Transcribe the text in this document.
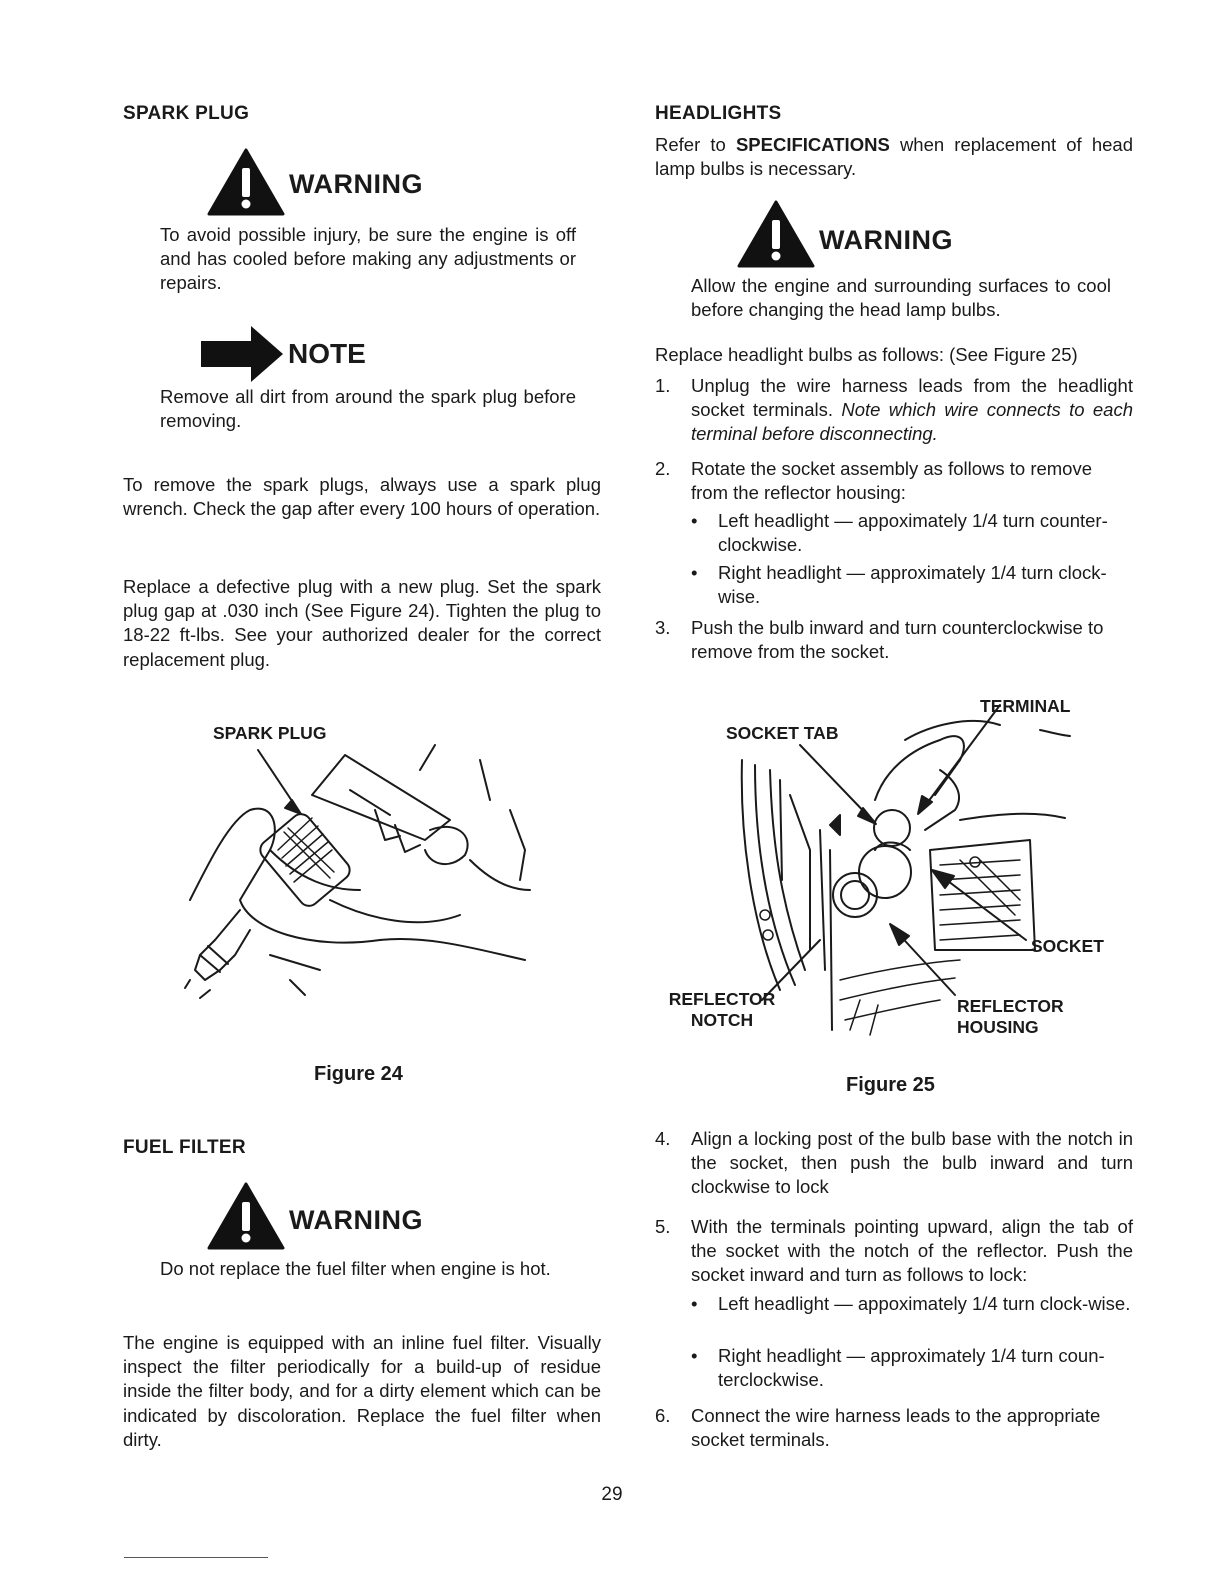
SPARK PLUG
WARNING
To avoid possible injury, be sure the engine is off and has cooled before making any adjustments or repairs.
NOTE
Remove all dirt from around the spark plug before removing.
To remove the spark plugs, always use a spark plug wrench. Check the gap after every 100 hours of operation.
Replace a defective plug with a new plug. Set the spark plug gap at .030 inch (See Figure 24). Tighten the plug to 18-22 ft-lbs. See your authorized dealer for the correct replacement plug.
SPARK PLUG
Figure 24
FUEL FILTER
WARNING
Do not replace the fuel filter when engine is hot.
The engine is equipped with an inline fuel filter. Visually inspect the filter periodically for a build-up of residue inside the filter body, and for a dirty element which can be indicated by discoloration. Replace the fuel filter when dirty.
HEADLIGHTS
Refer to SPECIFICATIONS when replacement of head lamp bulbs is necessary.
WARNING
Allow the engine and surrounding surfaces to cool before changing the head lamp bulbs.
Replace headlight bulbs as follows: (See Figure 25)
1. Unplug the wire harness leads from the headlight socket terminals. Note which wire connects to each terminal before disconnecting.
2. Rotate the socket assembly as follows to remove from the reflector housing:
• Left headlight — appoximately 1/4 turn counter-clockwise.
• Right headlight — approximately 1/4 turn clock-wise.
3. Push the bulb inward and turn counterclockwise to remove from the socket.
TERMINAL
SOCKET TAB
SOCKET
REFLECTOR NOTCH
REFLECTOR HOUSING
Figure 25
4. Align a locking post of the bulb base with the notch in the socket, then push the bulb inward and turn clockwise to lock
5. With the terminals pointing upward, align the tab of the socket with the notch of the reflector. Push the socket inward and turn as follows to lock:
• Left headlight — appoximately 1/4 turn clock-wise.
• Right headlight — approximately 1/4 turn coun-terclockwise.
6. Connect the wire harness leads to the appropriate socket terminals.
29
